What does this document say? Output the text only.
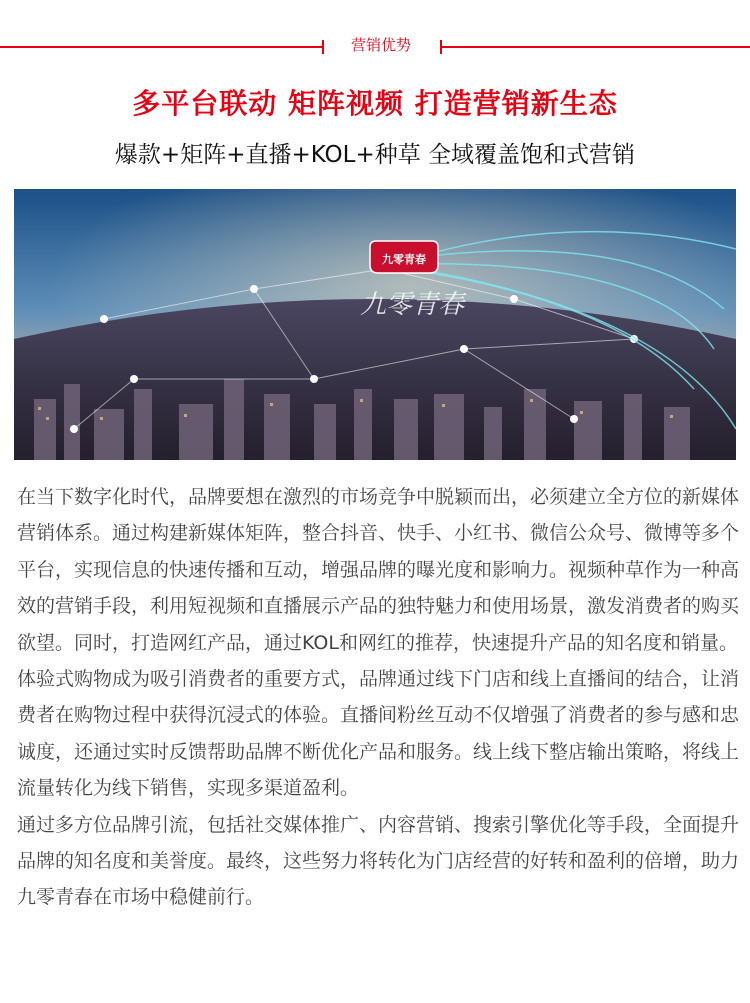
营销优势
多平台联动 矩阵视频 打造营销新生态
爆款+矩阵+直播+KOL+种草 全域覆盖饱和式营销
九零青春
九零青春

在当下数字化时代，品牌要想在激烈的市场竞争中脱颖而出，必须建立全方位的新媒体营销体系。通过构建新媒体矩阵，整合抖音、快手、小红书、微信公众号、微博等多个平台，实现信息的快速传播和互动，增强品牌的曝光度和影响力。视频种草作为一种高效的营销手段，利用短视频和直播展示产品的独特魅力和使用场景，激发消费者的购买欲望。同时，打造网红产品，通过KOL和网红的推荐，快速提升产品的知名度和销量。

体验式购物成为吸引消费者的重要方式，品牌通过线下门店和线上直播间的结合，让消费者在购物过程中获得沉浸式的体验。直播间粉丝互动不仅增强了消费者的参与感和忠诚度，还通过实时反馈帮助品牌不断优化产品和服务。线上线下整店输出策略，将线上流量转化为线下销售，实现多渠道盈利。

通过多方位品牌引流，包括社交媒体推广、内容营销、搜索引擎优化等手段，全面提升品牌的知名度和美誉度。最终，这些努力将转化为门店经营的好转和盈利的倍增，助力九零青春在市场中稳健前行。
